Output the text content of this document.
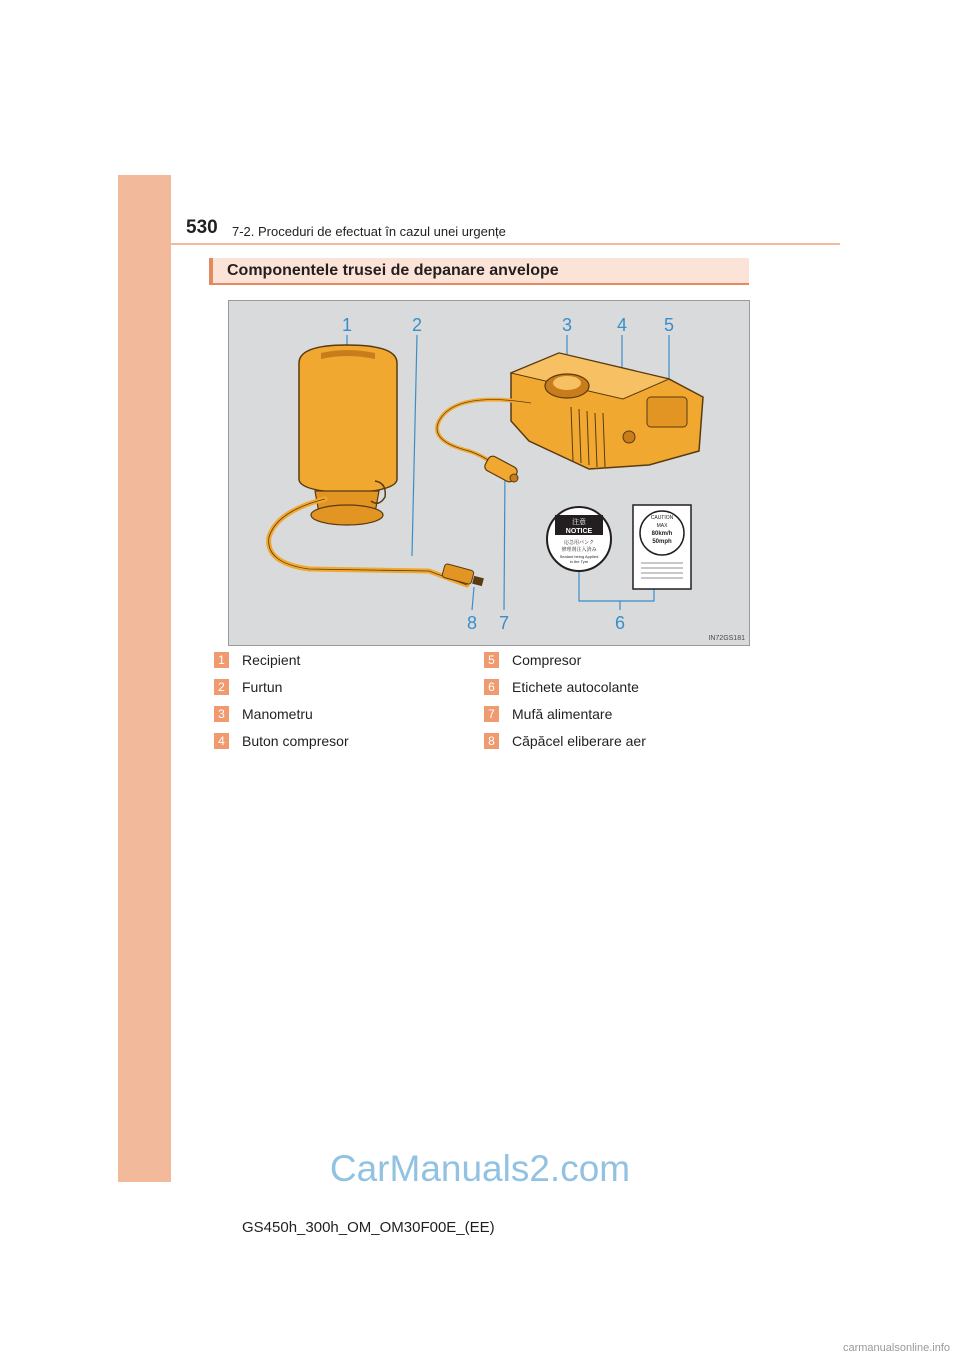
530 7-2. Proceduri de efectuat în cazul unei urgențe
Componentele trusei de depanare anvelope
注意
NOTICE
応急用パンク
修理剤注入済み
Sealant being Applied
in the Tyre
CAUTION
MAX
80km/h
50mph
1	2	3 4 5
6
7
8
IN72GS181
1 Recipient
2 Furtun
3 Manometru
4 Buton compresor
5 Compresor
6 Etichete autocolante
7 Mufă alimentare
8 Căpăcel eliberare aer
CarManuals2.com
GS450h_300h_OM_OM30F00E_(EE)
carmanualsonline.info
